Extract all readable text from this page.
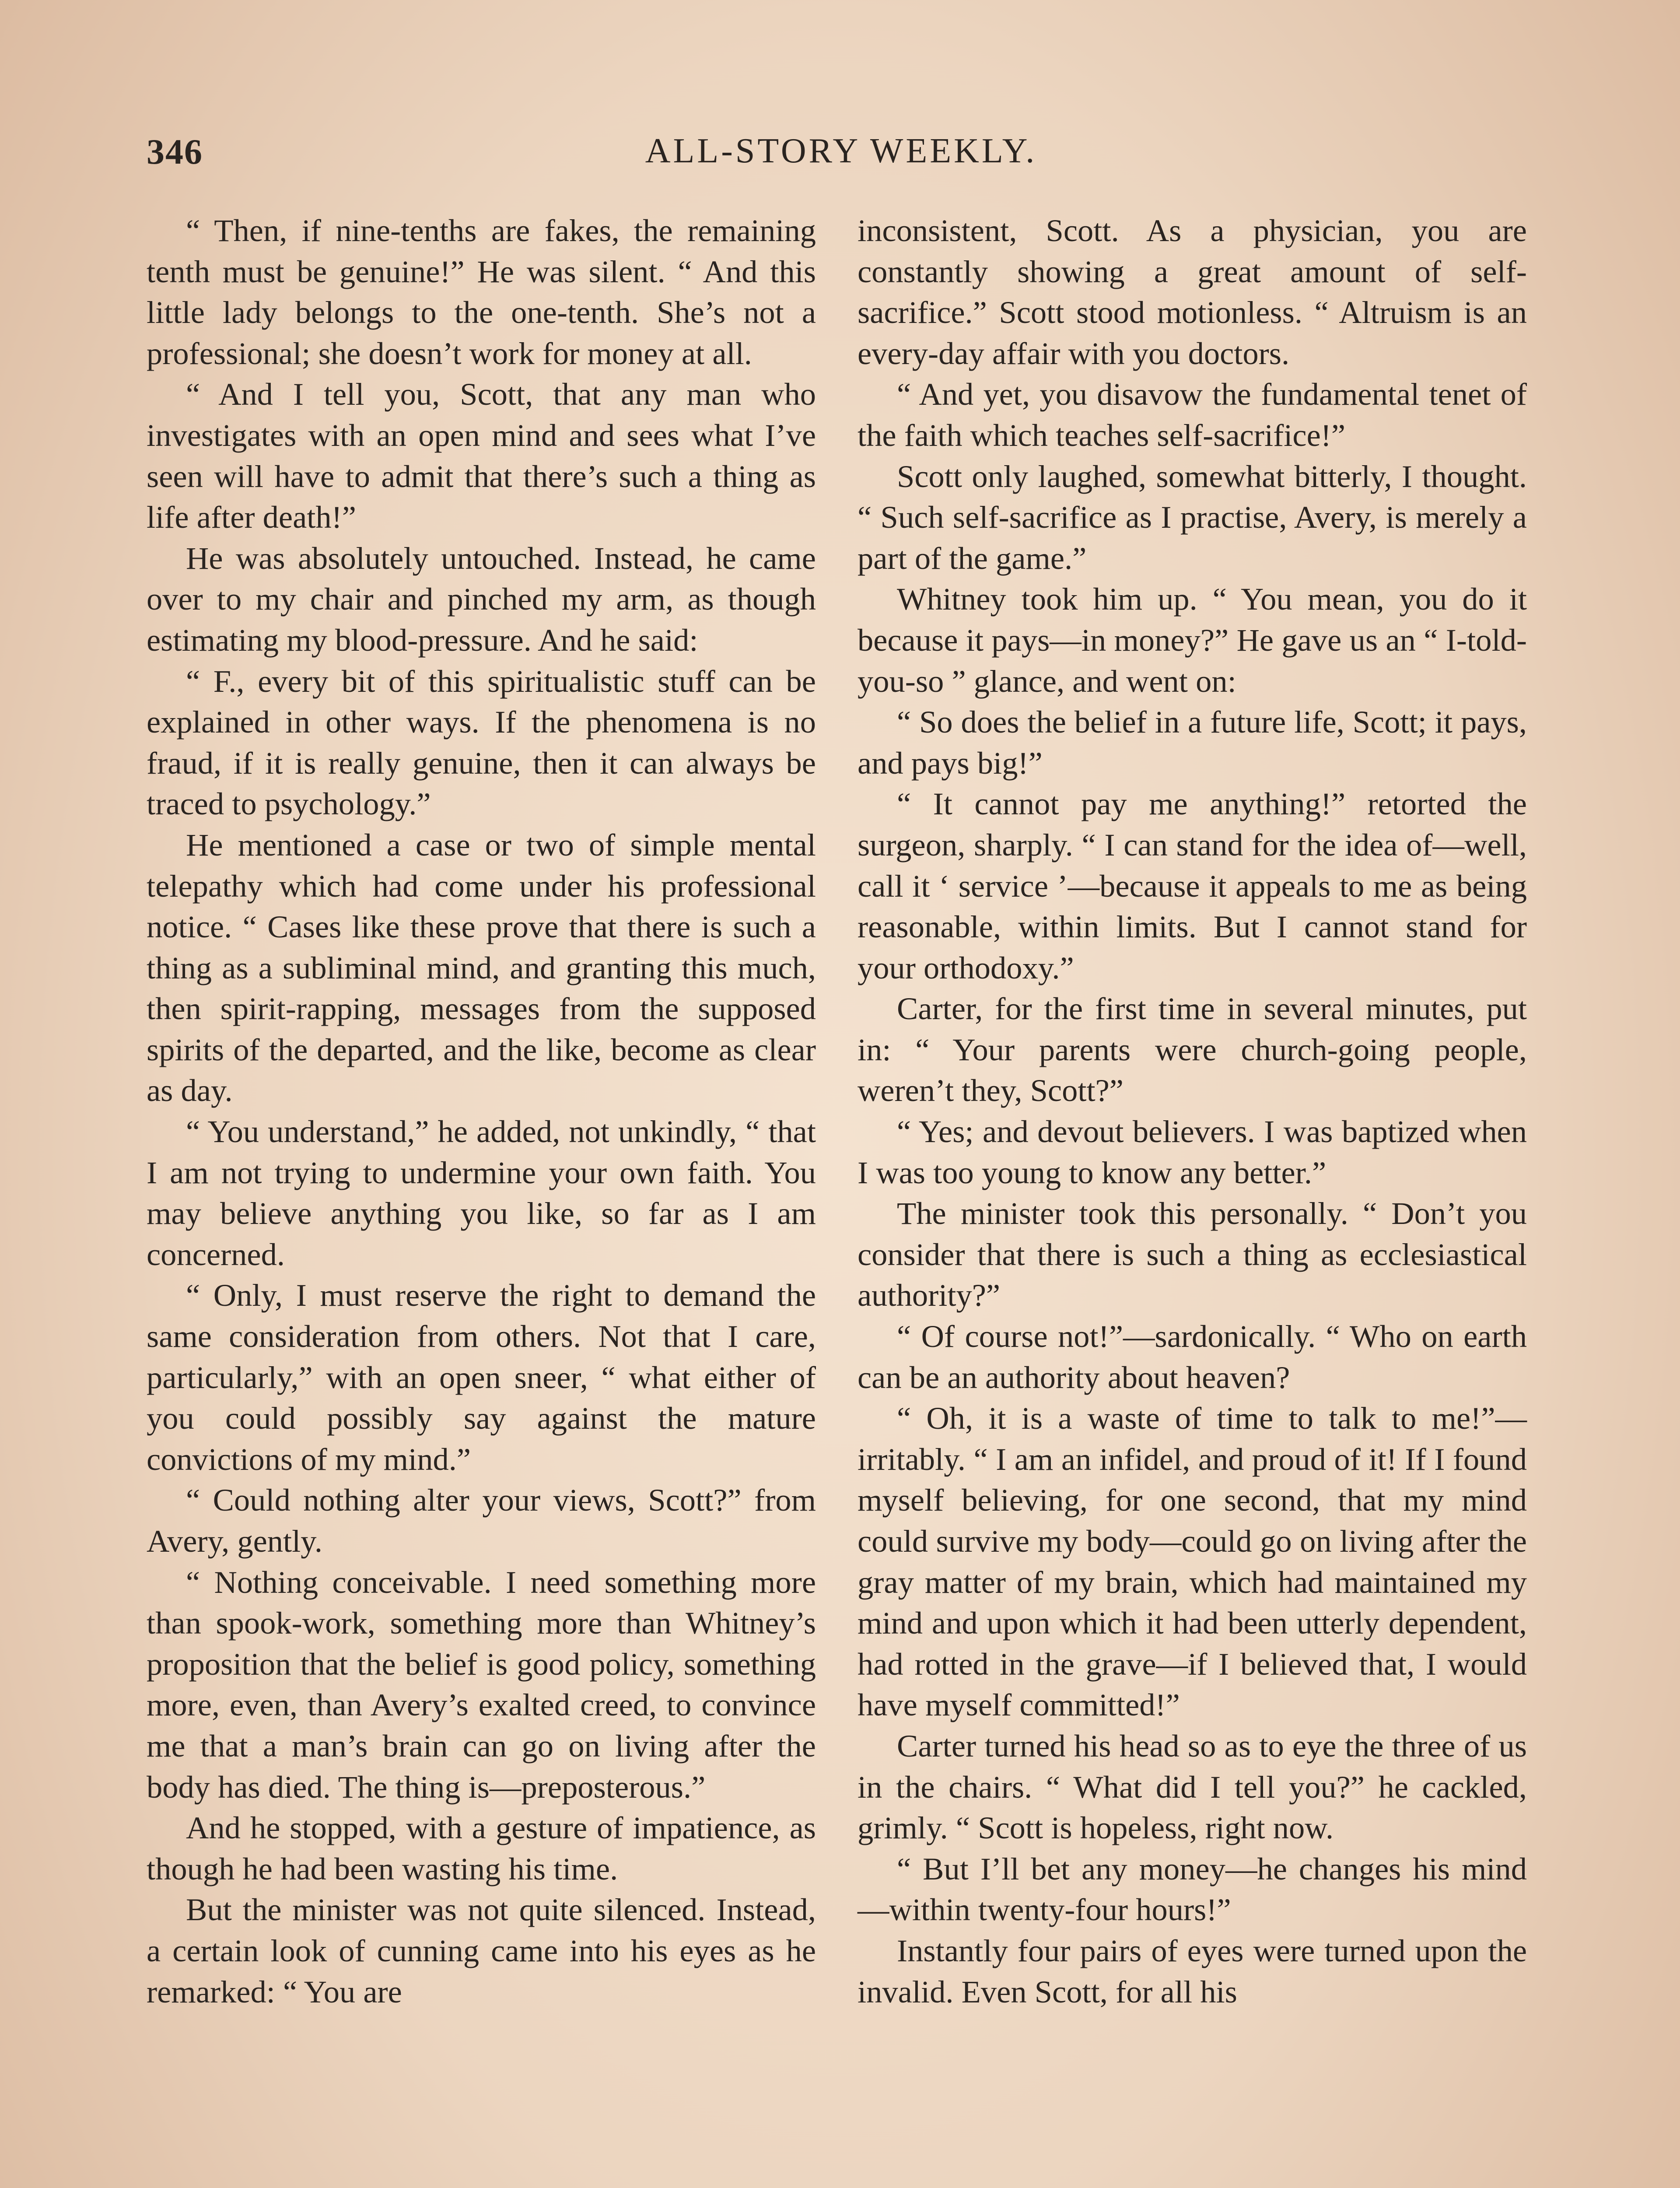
346	ALL-STORY WEEKLY.

“ Then, if nine-tenths are fakes, the remaining tenth must be genuine!” He was silent. “ And this little lady belongs to the one-tenth. She’s not a professional; she doesn’t work for money at all.

“ And I tell you, Scott, that any man who investigates with an open mind and sees what I’ve seen will have to admit that there’s such a thing as life after death!”

He was absolutely untouched. Instead, he came over to my chair and pinched my arm, as though estimating my blood-pressure. And he said:

“ F., every bit of this spiritualistic stuff can be explained in other ways. If the phenomena is no fraud, if it is really genuine, then it can always be traced to psychology.”

He mentioned a case or two of simple mental telepathy which had come under his professional notice. “ Cases like these prove that there is such a thing as a subliminal mind, and granting this much, then spirit-rapping, messages from the supposed spirits of the departed, and the like, become as clear as day.

“ You understand,” he added, not unkindly, “ that I am not trying to undermine your own faith. You may believe anything you like, so far as I am concerned.

“ Only, I must reserve the right to demand the same consideration from others. Not that I care, particularly,” with an open sneer, “ what either of you could possibly say against the mature convictions of my mind.”

“ Could nothing alter your views, Scott?” from Avery, gently.

“ Nothing conceivable. I need something more than spook-work, something more than Whitney’s proposition that the belief is good policy, something more, even, than Avery’s exalted creed, to convince me that a man’s brain can go on living after the body has died. The thing is—preposterous.”

And he stopped, with a gesture of impatience, as though he had been wasting his time.

But the minister was not quite silenced. Instead, a certain look of cunning came into his eyes as he remarked: “ You are

inconsistent, Scott. As a physician, you are constantly showing a great amount of self-sacrifice.” Scott stood motionless. “ Altruism is an every-day affair with you doctors.

“ And yet, you disavow the fundamental tenet of the faith which teaches self-sacrifice!”

Scott only laughed, somewhat bitterly, I thought. “ Such self-sacrifice as I practise, Avery, is merely a part of the game.”

Whitney took him up. “ You mean, you do it because it pays—in money?” He gave us an “ I-told-you-so ” glance, and went on:

“ So does the belief in a future life, Scott; it pays, and pays big!”

“ It cannot pay me anything!” retorted the surgeon, sharply. “ I can stand for the idea of—well, call it ‘ service ’—because it appeals to me as being reasonable, within limits. But I cannot stand for your orthodoxy.”

Carter, for the first time in several minutes, put in: “ Your parents were church-going people, weren’t they, Scott?”

“ Yes; and devout believers. I was baptized when I was too young to know any better.”

The minister took this personally. “ Don’t you consider that there is such a thing as ecclesiastical authority?”

“ Of course not!”—sardonically. “ Who on earth can be an authority about heaven?

“ Oh, it is a waste of time to talk to me!”—irritably. “ I am an infidel, and proud of it! If I found myself believing, for one second, that my mind could survive my body—could go on living after the gray matter of my brain, which had maintained my mind and upon which it had been utterly dependent, had rotted in the grave—if I believed that, I would have myself committed!”

Carter turned his head so as to eye the three of us in the chairs. “ What did I tell you?” he cackled, grimly. “ Scott is hopeless, right now.

“ But I’ll bet any money—he changes his mind—within twenty-four hours!”

Instantly four pairs of eyes were turned upon the invalid. Even Scott, for all his
